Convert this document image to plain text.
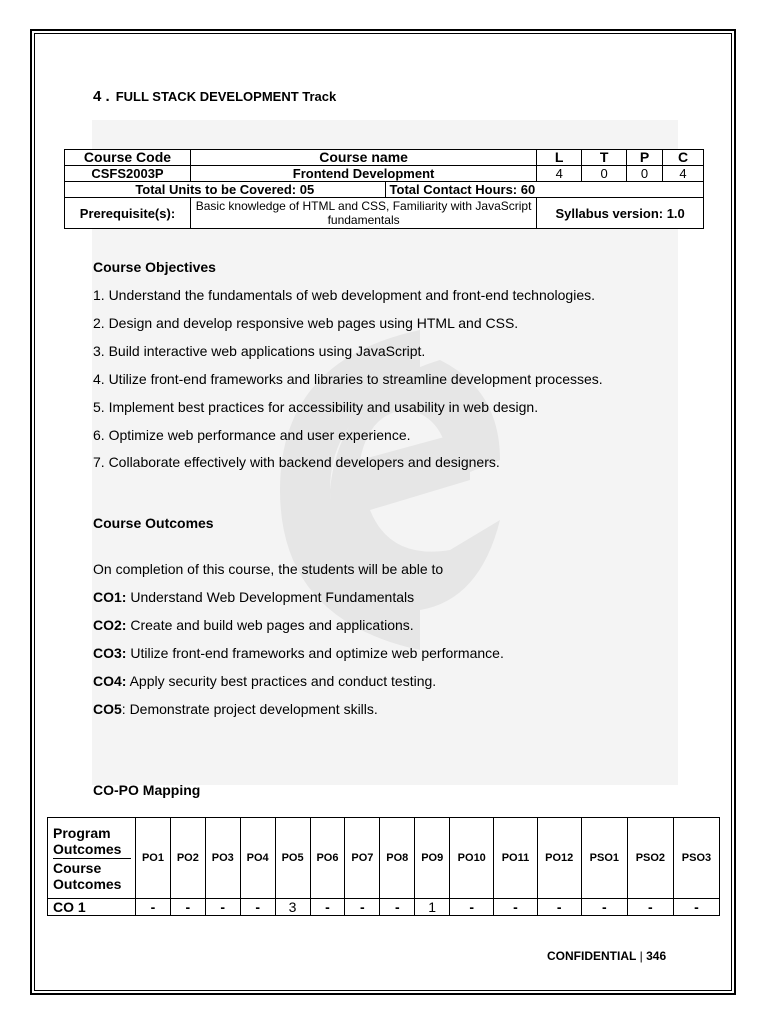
4 . FULL STACK DEVELOPMENT Track
Course Code	Course name		L	T	P	C
CSFS2003P	Frontend Development		4	0	0	4
Total Units to be Covered: 05		Total Contact Hours: 60				
Prerequisite(s):	Basic knowledge of HTML and CSS, Familiarity with JavaScript fundamentals		Syllabus version: 1.0			
Course Objectives
1. Understand the fundamentals of web development and front-end technologies.
2. Design and develop responsive web pages using HTML and CSS.
3. Build interactive web applications using JavaScript.
4. Utilize front-end frameworks and libraries to streamline development processes.
5. Implement best practices for accessibility and usability in web design.
6. Optimize web performance and user experience.
7. Collaborate effectively with backend developers and designers.
Course Outcomes
On completion of this course, the students will be able to
CO1: Understand Web Development Fundamentals
CO2: Create and build web pages and applications.
CO3: Utilize front-end frameworks and optimize web performance.
CO4: Apply security best practices and conduct testing.
CO5: Demonstrate project development skills.
CO-PO Mapping
Program
Outcomes
Course
Outcomes	PO1	PO2	PO3	PO4	PO5	PO6	PO7	PO8	PO9	PO10	PO11	PO12	PSO1	PSO2	PSO3
CO 1	-	-	-	-	3	-	-	-	1	-	-	-	-	-	-
CONFIDENTIAL | 346
